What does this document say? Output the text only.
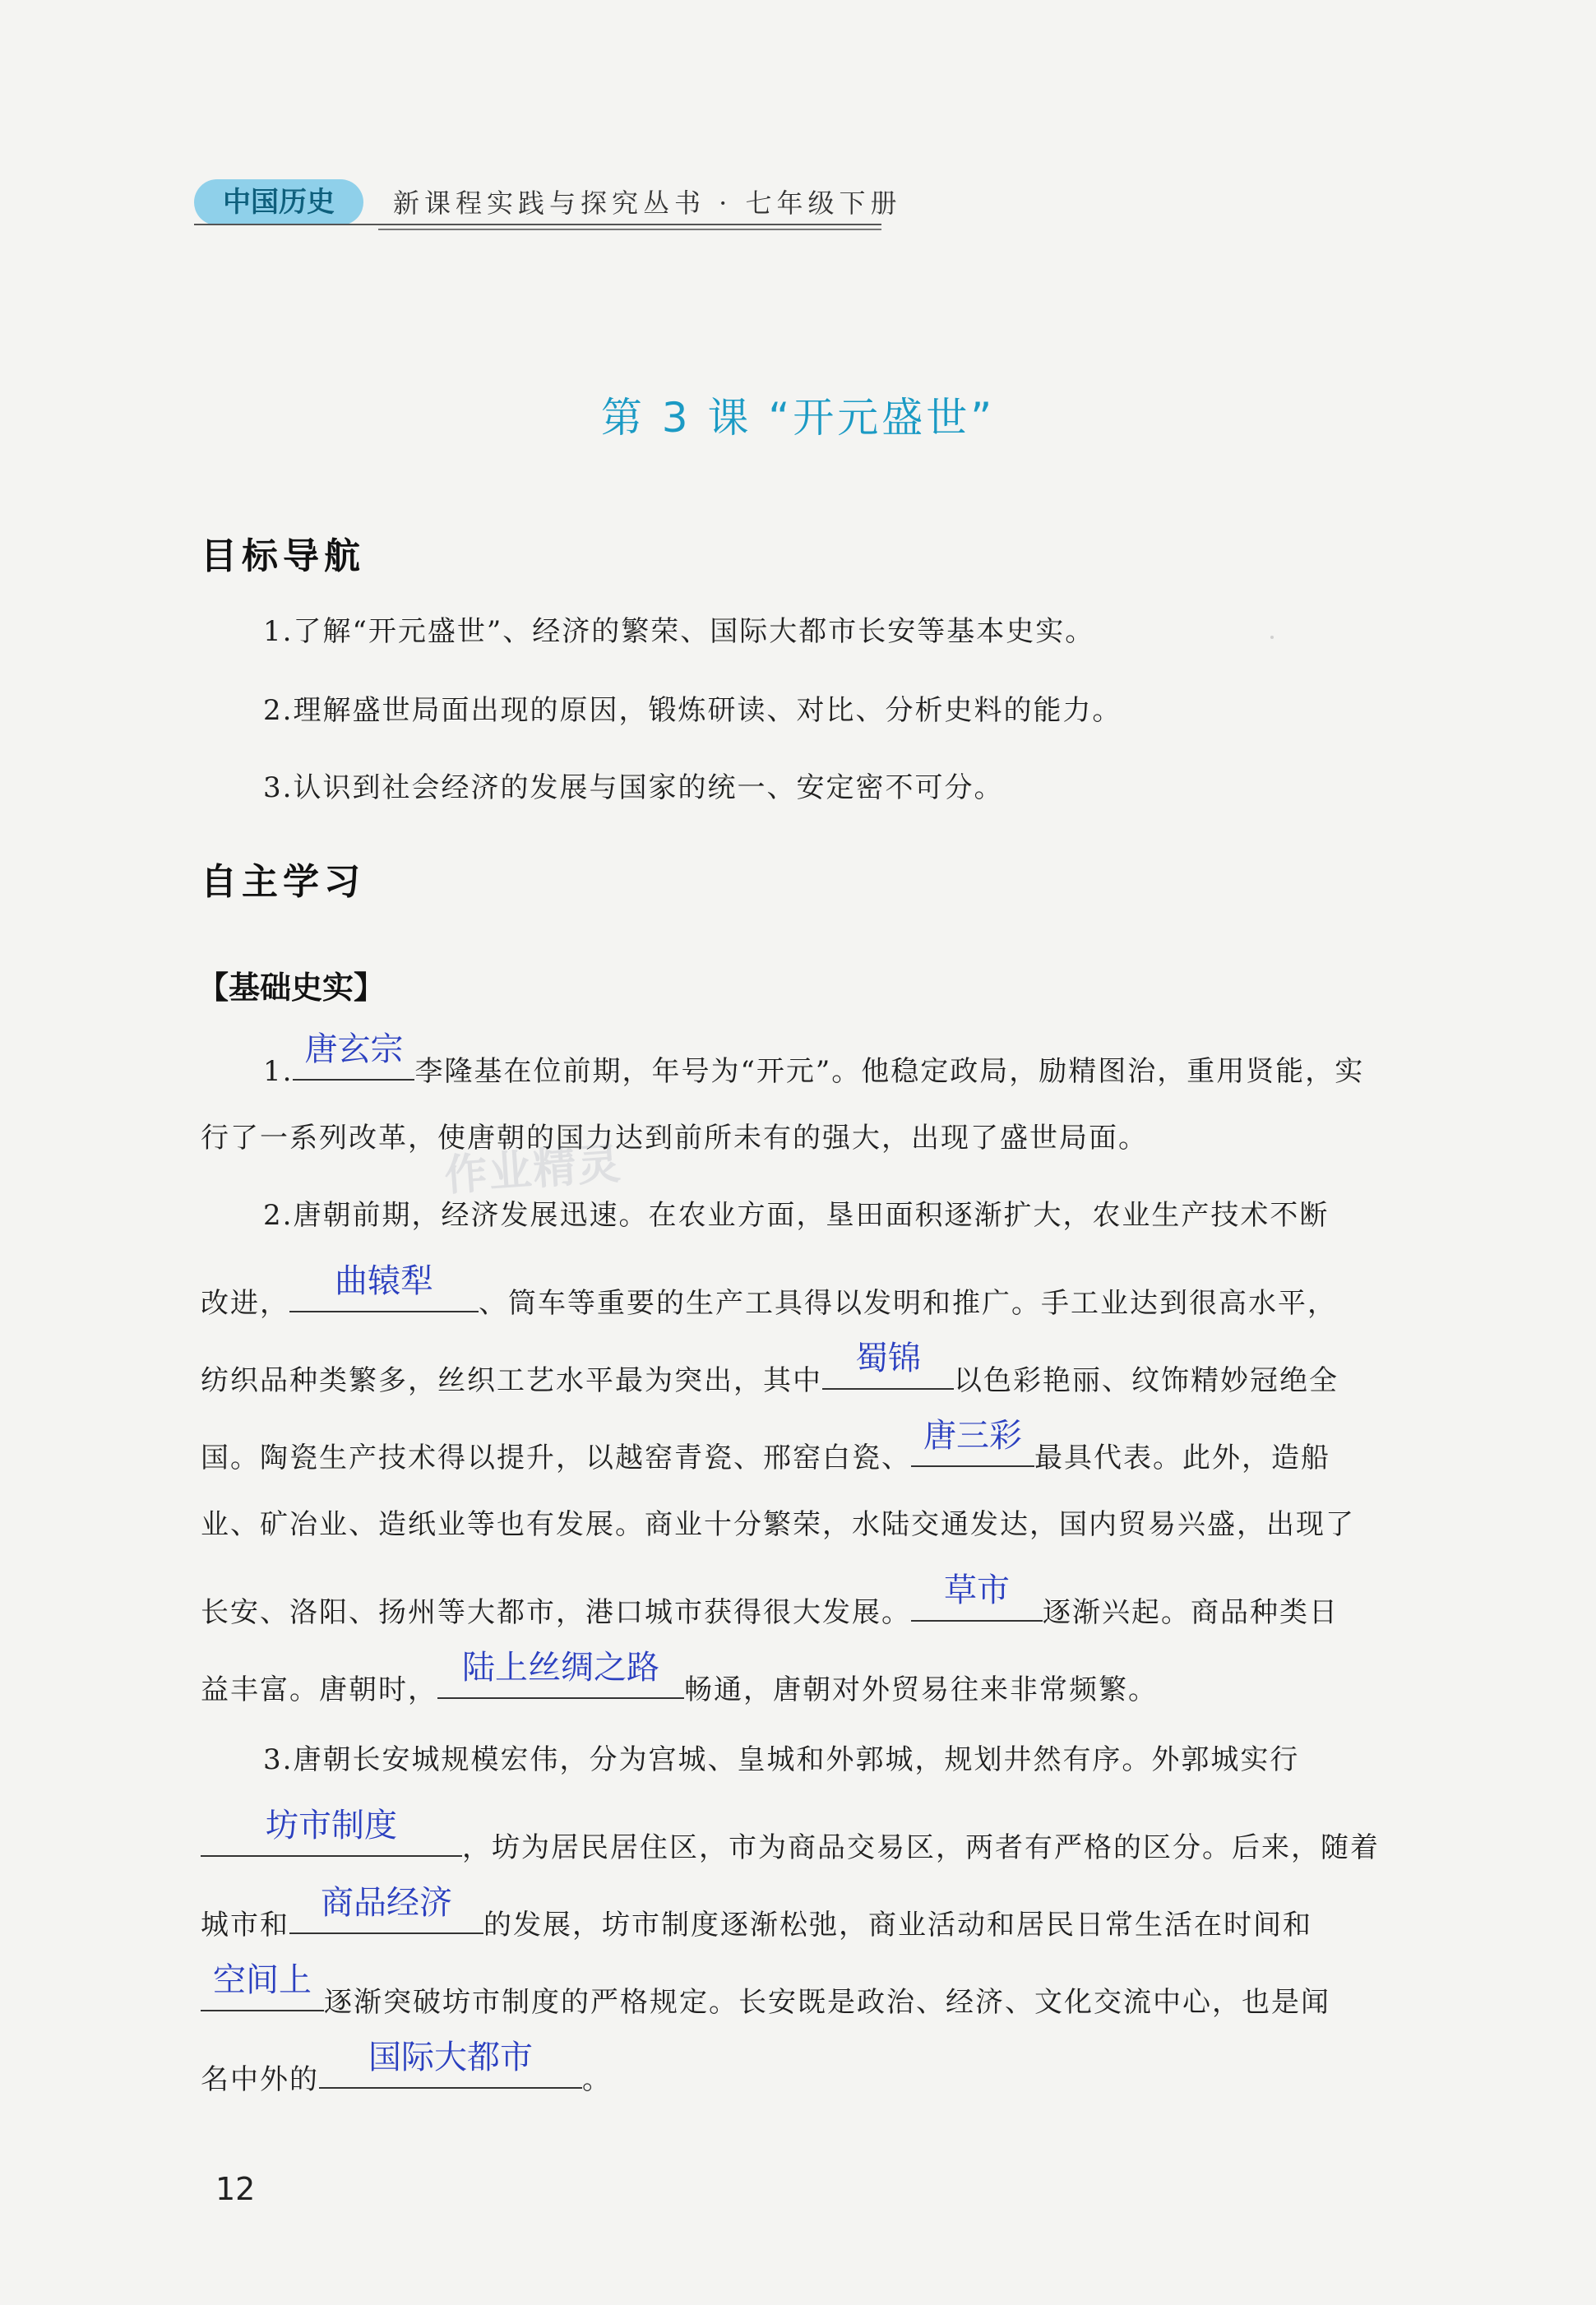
中国历史	新课程实践与探究丛书 · 七年级下册
第 3 课 “开元盛世”
目标导航
1.了解“开元盛世”、经济的繁荣、国际大都市长安等基本史实。
2.理解盛世局面出现的原因，锻炼研读、对比、分析史料的能力。
3.认识到社会经济的发展与国家的统一、安定密不可分。
自主学习
【基础史实】
1.
唐玄宗
李隆基在位前期，年号为“开元”。他稳定政局，励精图治，重用贤能，实
行了一系列改革，使唐朝的国力达到前所未有的强大，出现了盛世局面。
作业精灵
2.唐朝前期，经济发展迅速。在农业方面，垦田面积逐渐扩大，农业生产技术不断
改进，
曲辕犁
、筒车等重要的生产工具得以发明和推广。手工业达到很高水平，
纺织品种类繁多，丝织工艺水平最为突出，其中
蜀锦
以色彩艳丽、纹饰精妙冠绝全
国。陶瓷生产技术得以提升，以越窑青瓷、邢窑白瓷、
唐三彩
最具代表。此外，造船
业、矿冶业、造纸业等也有发展。商业十分繁荣，水陆交通发达，国内贸易兴盛，出现了
长安、洛阳、扬州等大都市，港口城市获得很大发展。
草市
逐渐兴起。商品种类日
益丰富。唐朝时，
陆上丝绸之路
畅通，唐朝对外贸易往来非常频繁。
3.唐朝长安城规模宏伟，分为宫城、皇城和外郭城，规划井然有序。外郭城实行
坊市制度
，坊为居民居住区，市为商品交易区，两者有严格的区分。后来，随着
城市和
商品经济
的发展，坊市制度逐渐松弛，商业活动和居民日常生活在时间和
空间上
逐渐突破坊市制度的严格规定。长安既是政治、经济、文化交流中心，也是闻
名中外的
国际大都市
。
12
